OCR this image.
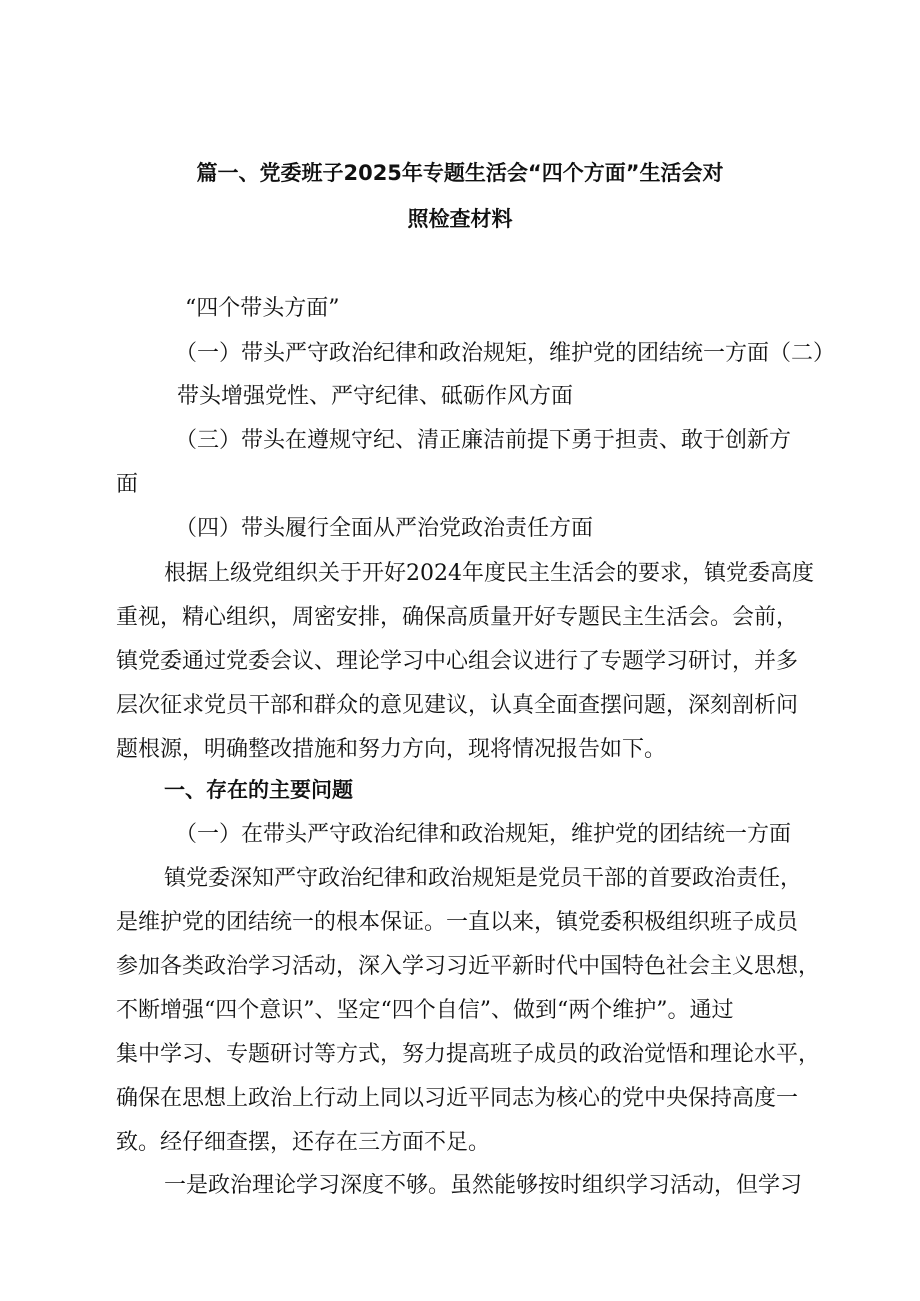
篇一、党委班子2025年专题生活会“四个方面”生活会对
照检查材料
“四个带头方面”
（一）带头严守政治纪律和政治规矩，维护党的团结统一方面（二）
带头增强党性、严守纪律、砥砺作风方面
（三）带头在遵规守纪、清正廉洁前提下勇于担责、敢于创新方
面
（四）带头履行全面从严治党政治责任方面
根据上级党组织关于开好2024年度民主生活会的要求，镇党委高度
重视，精心组织，周密安排，确保高质量开好专题民主生活会。会前，
镇党委通过党委会议、理论学习中心组会议进行了专题学习研讨，并多
层次征求党员干部和群众的意见建议，认真全面查摆问题，深刻剖析问
题根源，明确整改措施和努力方向，现将情况报告如下。
一、存在的主要问题
（一）在带头严守政治纪律和政治规矩，维护党的团结统一方面
镇党委深知严守政治纪律和政治规矩是党员干部的首要政治责任，
是维护党的团结统一的根本保证。一直以来，镇党委积极组织班子成员
参加各类政治学习活动，深入学习习近平新时代中国特色社会主义思想，
不断增强“四个意识”、坚定“四个自信”、做到“两个维护”。通过
集中学习、专题研讨等方式，努力提高班子成员的政治觉悟和理论水平，
确保在思想上政治上行动上同以习近平同志为核心的党中央保持高度一
致。经仔细查摆，还存在三方面不足。
一是政治理论学习深度不够。虽然能够按时组织学习活动，但学习
